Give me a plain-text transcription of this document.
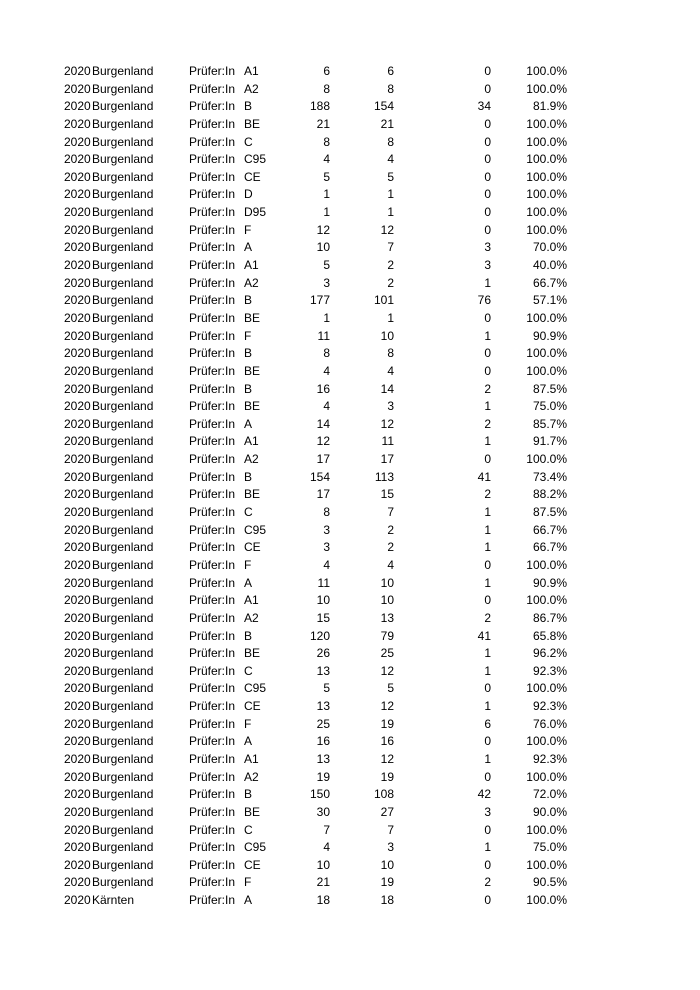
2020 Burgenland	Prüfer:In A1	6	6	0	100.0%
2020 Burgenland	Prüfer:In A2	8	8	0	100.0%
2020 Burgenland	Prüfer:In B	188	154	34	81.9%
2020 Burgenland	Prüfer:In BE	21	21	0	100.0%
2020 Burgenland	Prüfer:In C	8	8	0	100.0%
2020 Burgenland	Prüfer:In C95	4	4	0	100.0%
2020 Burgenland	Prüfer:In CE	5	5	0	100.0%
2020 Burgenland	Prüfer:In D	1	1	0	100.0%
2020 Burgenland	Prüfer:In D95	1	1	0	100.0%
2020 Burgenland	Prüfer:In F	12	12	0	100.0%
2020 Burgenland	Prüfer:In A	10	7	3	70.0%
2020 Burgenland	Prüfer:In A1	5	2	3	40.0%
2020 Burgenland	Prüfer:In A2	3	2	1	66.7%
2020 Burgenland	Prüfer:In B	177	101	76	57.1%
2020 Burgenland	Prüfer:In BE	1	1	0	100.0%
2020 Burgenland	Prüfer:In F	11	10	1	90.9%
2020 Burgenland	Prüfer:In B	8	8	0	100.0%
2020 Burgenland	Prüfer:In BE	4	4	0	100.0%
2020 Burgenland	Prüfer:In B	16	14	2	87.5%
2020 Burgenland	Prüfer:In BE	4	3	1	75.0%
2020 Burgenland	Prüfer:In A	14	12	2	85.7%
2020 Burgenland	Prüfer:In A1	12	11	1	91.7%
2020 Burgenland	Prüfer:In A2	17	17	0	100.0%
2020 Burgenland	Prüfer:In B	154	113	41	73.4%
2020 Burgenland	Prüfer:In BE	17	15	2	88.2%
2020 Burgenland	Prüfer:In C	8	7	1	87.5%
2020 Burgenland	Prüfer:In C95	3	2	1	66.7%
2020 Burgenland	Prüfer:In CE	3	2	1	66.7%
2020 Burgenland	Prüfer:In F	4	4	0	100.0%
2020 Burgenland	Prüfer:In A	11	10	1	90.9%
2020 Burgenland	Prüfer:In A1	10	10	0	100.0%
2020 Burgenland	Prüfer:In A2	15	13	2	86.7%
2020 Burgenland	Prüfer:In B	120	79	41	65.8%
2020 Burgenland	Prüfer:In BE	26	25	1	96.2%
2020 Burgenland	Prüfer:In C	13	12	1	92.3%
2020 Burgenland	Prüfer:In C95	5	5	0	100.0%
2020 Burgenland	Prüfer:In CE	13	12	1	92.3%
2020 Burgenland	Prüfer:In F	25	19	6	76.0%
2020 Burgenland	Prüfer:In A	16	16	0	100.0%
2020 Burgenland	Prüfer:In A1	13	12	1	92.3%
2020 Burgenland	Prüfer:In A2	19	19	0	100.0%
2020 Burgenland	Prüfer:In B	150	108	42	72.0%
2020 Burgenland	Prüfer:In BE	30	27	3	90.0%
2020 Burgenland	Prüfer:In C	7	7	0	100.0%
2020 Burgenland	Prüfer:In C95	4	3	1	75.0%
2020 Burgenland	Prüfer:In CE	10	10	0	100.0%
2020 Burgenland	Prüfer:In F	21	19	2	90.5%
2020 Kärnten	Prüfer:In A	18	18	0	100.0%
